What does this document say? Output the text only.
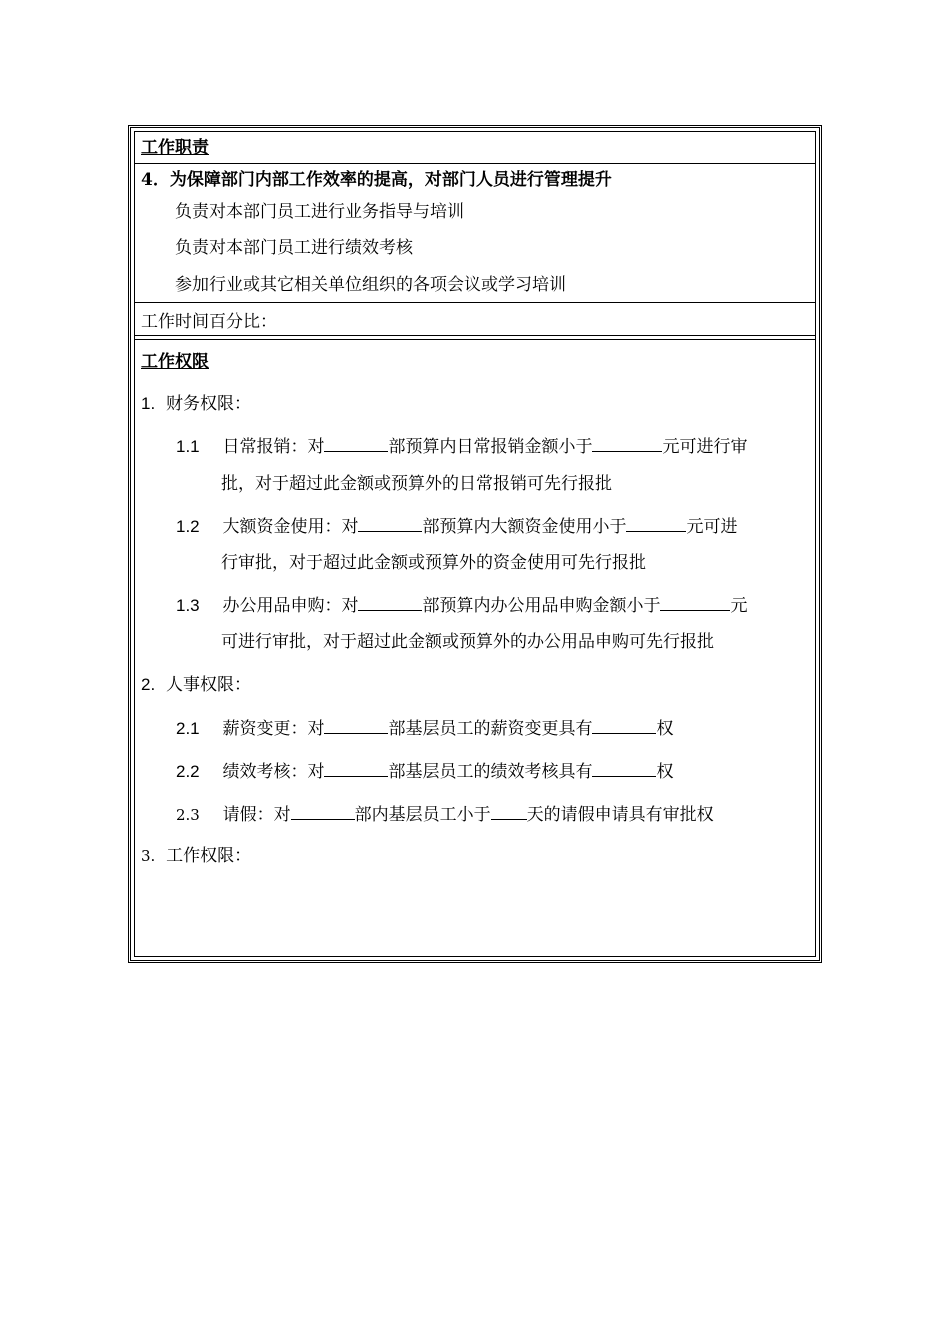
工作职责
4．为保障部门内部工作效率的提高，对部门人员进行管理提升
负责对本部门员工进行业务指导与培训
负责对本部门员工进行绩效考核
参加行业或其它相关单位组织的各项会议或学习培训
工作时间百分比：
工作权限
1. 财务权限：
1.1 日常报销：对	部预算内日常报销金额小于	元可进行审
批，对于超过此金额或预算外的日常报销可先行报批
1.2 大额资金使用：对	部预算内大额资金使用小于	元可进
行审批，对于超过此金额或预算外的资金使用可先行报批
1.3 办公用品申购：对	部预算内办公用品申购金额小于	元
可进行审批，对于超过此金额或预算外的办公用品申购可先行报批
2. 人事权限：
2.1 薪资变更：对	部基层员工的薪资变更具有	权
2.2 绩效考核：对	部基层员工的绩效考核具有	权
2.3 请假：对	部内基层员工小于 天的请假申请具有审批权
3. 工作权限：
